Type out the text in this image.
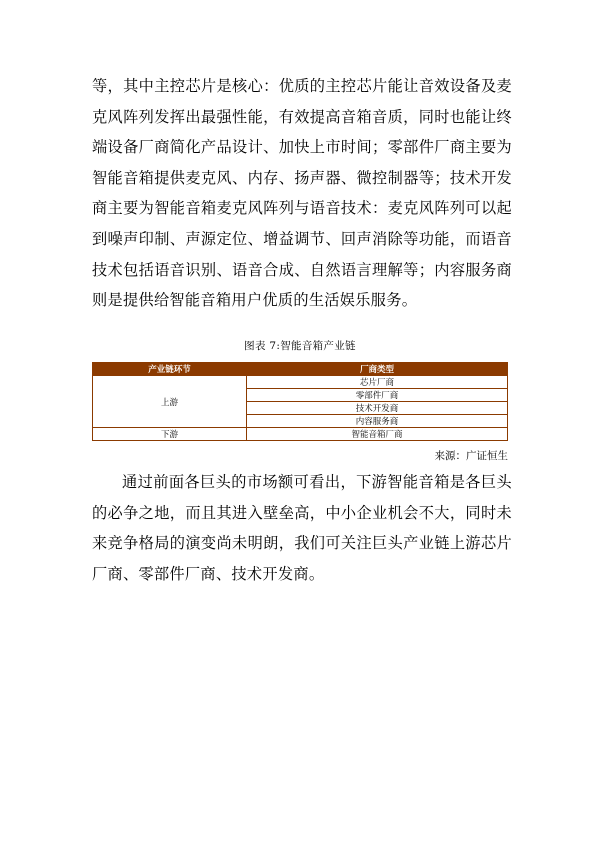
等，其中主控芯片是核心：优质的主控芯片能让音效设备及麦克风阵列发挥出最强性能，有效提高音箱音质，同时也能让终端设备厂商简化产品设计、加快上市时间；零部件厂商主要为智能音箱提供麦克风、内存、扬声器、微控制器等；技术开发商主要为智能音箱麦克风阵列与语音技术：麦克风阵列可以起到噪声印制、声源定位、增益调节、回声消除等功能，而语音技术包括语音识别、语音合成、自然语言理解等；内容服务商则是提供给智能音箱用户优质的生活娱乐服务。

图表 7:智能音箱产业链
产业链环节	厂商类型
上游	芯片厂商
	零部件厂商
	技术开发商
	内容服务商
下游	智能音箱厂商
来源：广证恒生

通过前面各巨头的市场额可看出，下游智能音箱是各巨头的必争之地，而且其进入壁垒高，中小企业机会不大，同时未来竞争格局的演变尚未明朗，我们可关注巨头产业链上游芯片厂商、零部件厂商、技术开发商。
